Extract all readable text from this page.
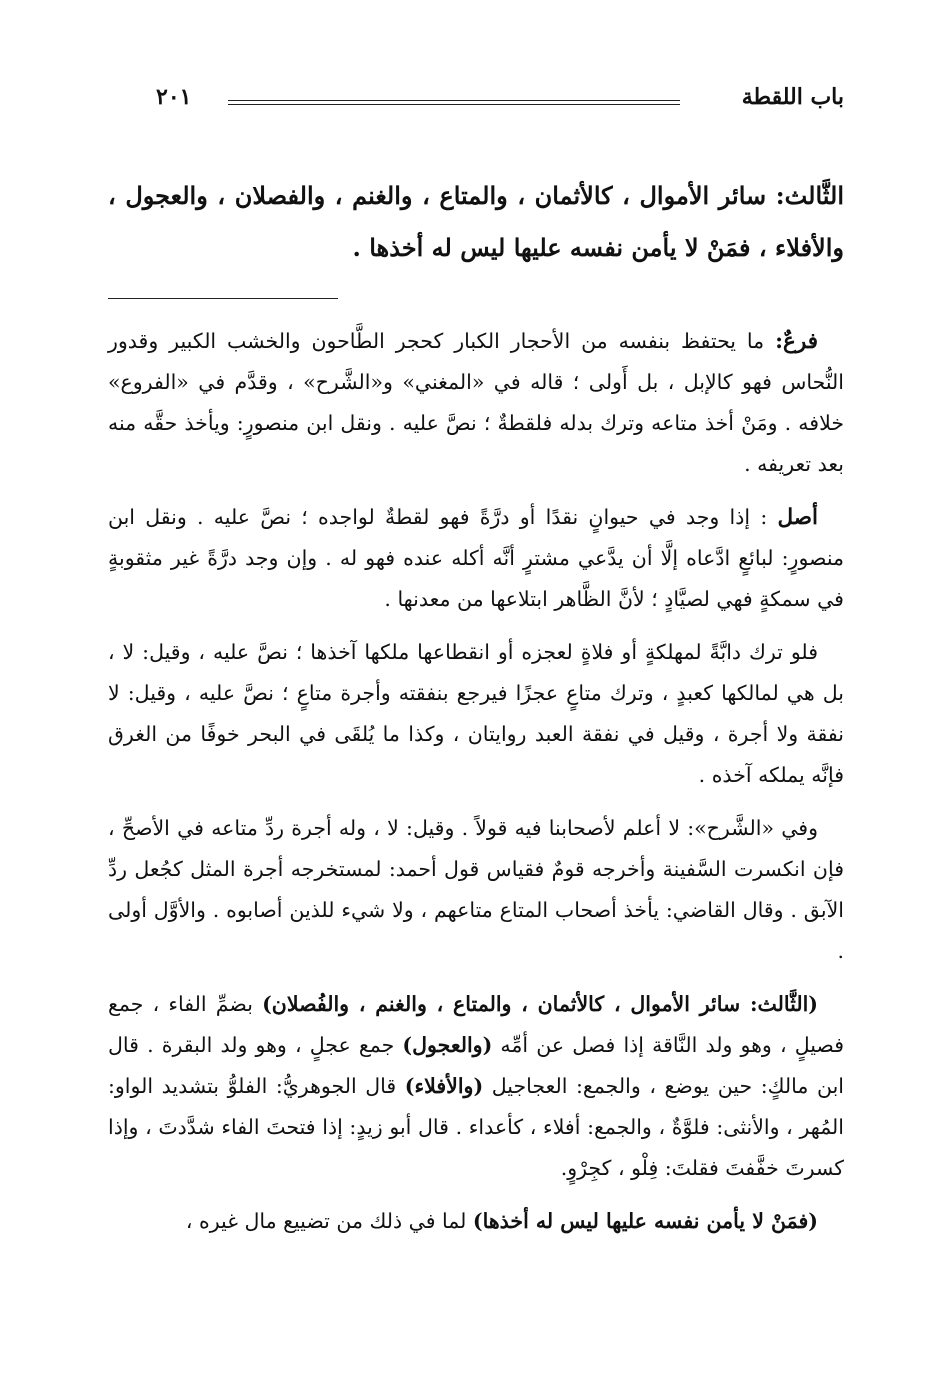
باب اللقطة
٢٠١
الثَّالث: سائر الأموال ، كالأثمان ، والمتاع ، والغنم ، والفصلان ، والعجول ، والأفلاء ، فمَنْ لا يأمن نفسه عليها ليس له أخذها .

فرعٌ: ما يحتفظ بنفسه من الأحجار الكبار كحجر الطَّاحون والخشب الكبير وقدور النُّحاس فهو كالإبل ، بل أَولى ؛ قاله في «المغني» و«الشَّرح» ، وقدَّم في «الفروع» خلافه . ومَنْ أخذ متاعه وترك بدله فلقطةٌ ؛ نصَّ عليه . ونقل ابن منصورٍ: ويأخذ حقَّه منه بعد تعريفه .

أصل : إذا وجد في حيوانٍ نقدًا أو درَّةً فهو لقطةٌ لواجده ؛ نصَّ عليه . ونقل ابن منصورٍ: لبائعٍ ادَّعاه إلَّا أن يدَّعي مشترٍ أنَّه أكله عنده فهو له . وإن وجد درَّةً غير مثقوبةٍ في سمكةٍ فهي لصيَّادٍ ؛ لأنَّ الظَّاهر ابتلاعها من معدنها .

فلو ترك دابَّةً لمهلكةٍ أو فلاةٍ لعجزه أو انقطاعها ملكها آخذها ؛ نصَّ عليه ، وقيل: لا ، بل هي لمالكها كعبدٍ ، وترك متاعٍ عجزًا فيرجع بنفقته وأجرة متاعٍ ؛ نصَّ عليه ، وقيل: لا نفقة ولا أجرة ، وقيل في نفقة العبد روايتان ، وكذا ما يُلقَى في البحر خوفًا من الغرق فإنَّه يملكه آخذه .

وفي «الشَّرح»: لا أعلم لأصحابنا فيه قولاً . وقيل: لا ، وله أجرة ردِّ متاعه في الأصحِّ ، فإن انكسرت السَّفينة وأخرجه قومٌ فقياس قول أحمد: لمستخرجه أجرة المثل كجُعل ردِّ الآبق . وقال القاضي: يأخذ أصحاب المتاع متاعهم ، ولا شيء للذين أصابوه . والأوَّل أولى .

(الثَّالث: سائر الأموال ، كالأثمان ، والمتاع ، والغنم ، والفُصلان) بضمِّ الفاء ، جمع فصيلٍ ، وهو ولد النَّاقة إذا فصل عن أمِّه (والعجول) جمع عجلٍ ، وهو ولد البقرة . قال ابن مالكٍ: حين يوضع ، والجمع: العجاجيل (والأفلاء) قال الجوهريُّ: الفلوُّ بتشديد الواو: المُهر ، والأنثى: فلوَّةٌ ، والجمع: أفلاء ، كأعداء . قال أبو زيدٍ: إذا فتحتَ الفاء شدَّدتَ ، وإذا كسرتَ خفَّفتَ فقلتَ: فِلْو ، كجِرْوٍ.

(فمَنْ لا يأمن نفسه عليها ليس له أخذها) لما في ذلك من تضييع مال غيره ،
